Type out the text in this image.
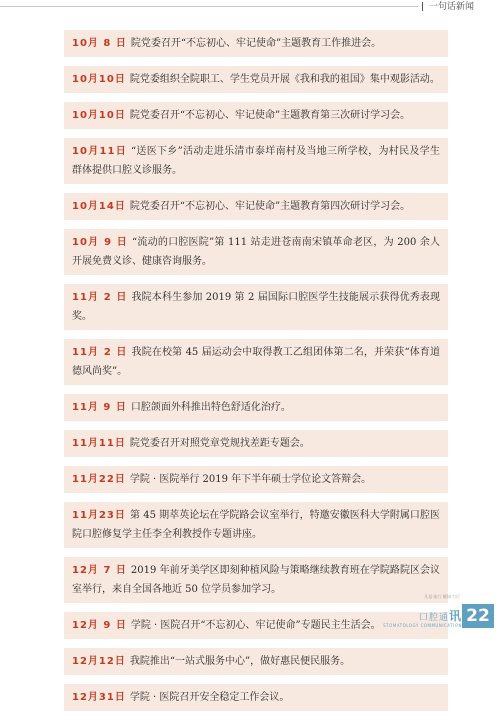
一句话新闻
10月 8 日 院党委召开“不忘初心、牢记使命”主题教育工作推进会。
10月10日 院党委组织全院职工、学生党员开展《我和我的祖国》集中观影活动。
10月10日 院党委召开“不忘初心、牢记使命”主题教育第三次研讨学习会。
10月11日 “送医下乡”活动走进乐清市泰垟南村及当地三所学校，为村民及学生群体提供口腔义诊服务。
10月14日 院党委召开“不忘初心、牢记使命”主题教育第四次研讨学习会。
10月 9 日 “流动的口腔医院”第 111 站走进苍南南宋镇革命老区，为 200 余人开展免费义诊、健康咨询服务。
11月 2 日 我院本科生参加 2019 第 2 届国际口腔医学生技能展示获得优秀表现奖。
11月 2 日 我院在校第 45 届运动会中取得教工乙组团体第二名，并荣获“体育道德风尚奖”。
11月 9 日 口腔颌面外科推出特色舒适化治疗。
11月11日 院党委召开对照党章党规找差距专题会。
11月22日 学院 · 医院举行 2019 年下半年硕士学位论文答辩会。
11月23日 第 45 期萃英论坛在学院路会议室举行，特邀安徽医科大学附属口腔医院口腔修复学主任李全利教授作专题讲座。
12月 7 日 2019 年前牙美学区即刻种植风险与策略继续教育班在学院路院区会议室举行，来自全国各地近 50 位学员参加学习。
12月 9 日 学院 · 医院召开“不忘初心、牢记使命”专题民主生活会。
12月12日 我院推出“一站式服务中心”，做好惠民便民服务。
12月31日 学院 · 医院召开安全稳定工作会议。
凡是·能行 醒知·力行
口腔通讯
STOMATOLOGY COMMUNICATION 22
